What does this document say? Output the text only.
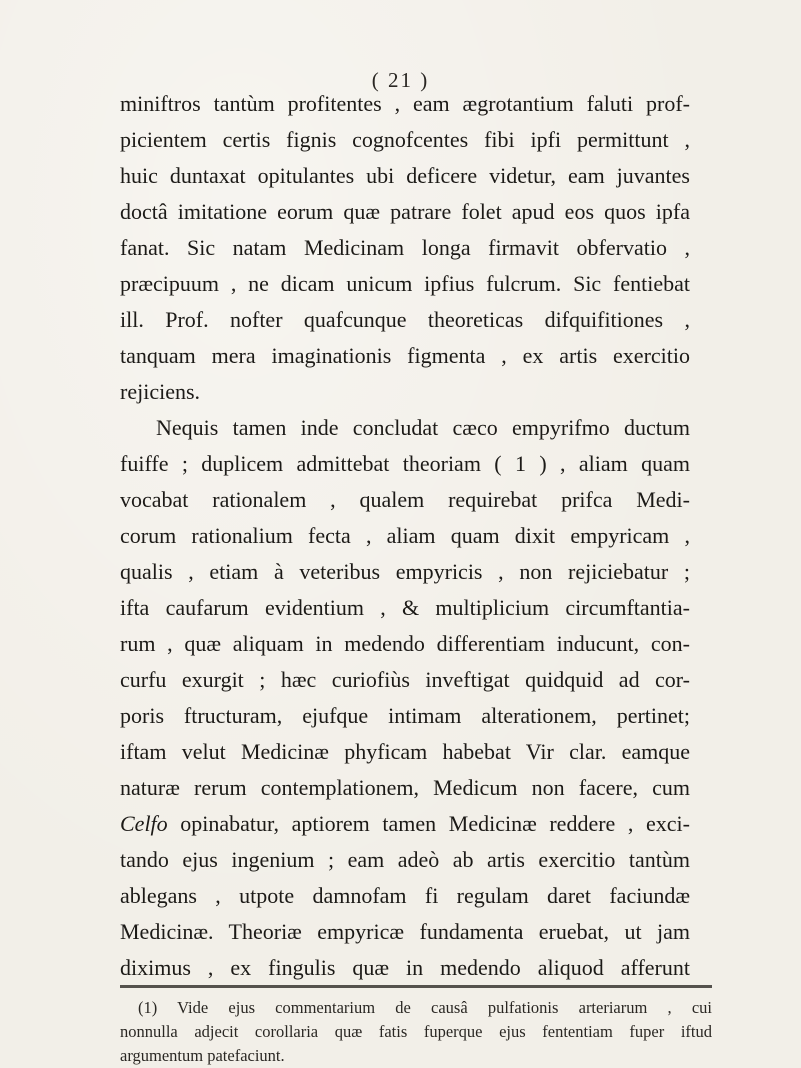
( 21 )
miniftros tantùm profitentes , eam ægrotantium faluti prof-
picientem certis fignis cognofcentes fibi ipfi permittunt ,
huic duntaxat opitulantes ubi deficere videtur, eam juvantes
doctâ imitatione eorum quæ patrare folet apud eos quos ipfa
fanat. Sic natam Medicinam longa firmavit obfervatio ,
præcipuum , ne dicam unicum ipfius fulcrum. Sic fentiebat
ill. Prof. nofter quafcunque theoreticas difquifitiones ,
tanquam mera imaginationis figmenta , ex artis exercitio
rejiciens.
Nequis tamen inde concludat cæco empyrifmo ductum
fuiffe ; duplicem admittebat theoriam ( 1 ) , aliam quam
vocabat rationalem , qualem requirebat prifca Medi-
corum rationalium fecta , aliam quam dixit empyricam ,
qualis , etiam à veteribus empyricis , non rejiciebatur ;
ifta caufarum evidentium , & multiplicium circumftantia-
rum , quæ aliquam in medendo differentiam inducunt, con-
curfu exurgit ; hæc curiofiùs inveftigat quidquid ad cor-
poris ftructuram, ejufque intimam alterationem, pertinet;
iftam velut Medicinæ phyficam habebat Vir clar. eamque
naturæ rerum contemplationem, Medicum non facere, cum
Celfo opinabatur, aptiorem tamen Medicinæ reddere , exci-
tando ejus ingenium ; eam adeò ab artis exercitio tantùm
ablegans , utpote damnofam fi regulam daret faciundæ
Medicinæ. Theoriæ empyricæ fundamenta eruebat, ut jam
diximus , ex fingulis quæ in medendo aliquod afferunt
(1) Vide ejus commentarium de causâ pulfationis arteriarum , cui
nonnulla adjecit corollaria quæ fatis fuperque ejus fententiam fuper iftud
argumentum patefaciunt.
